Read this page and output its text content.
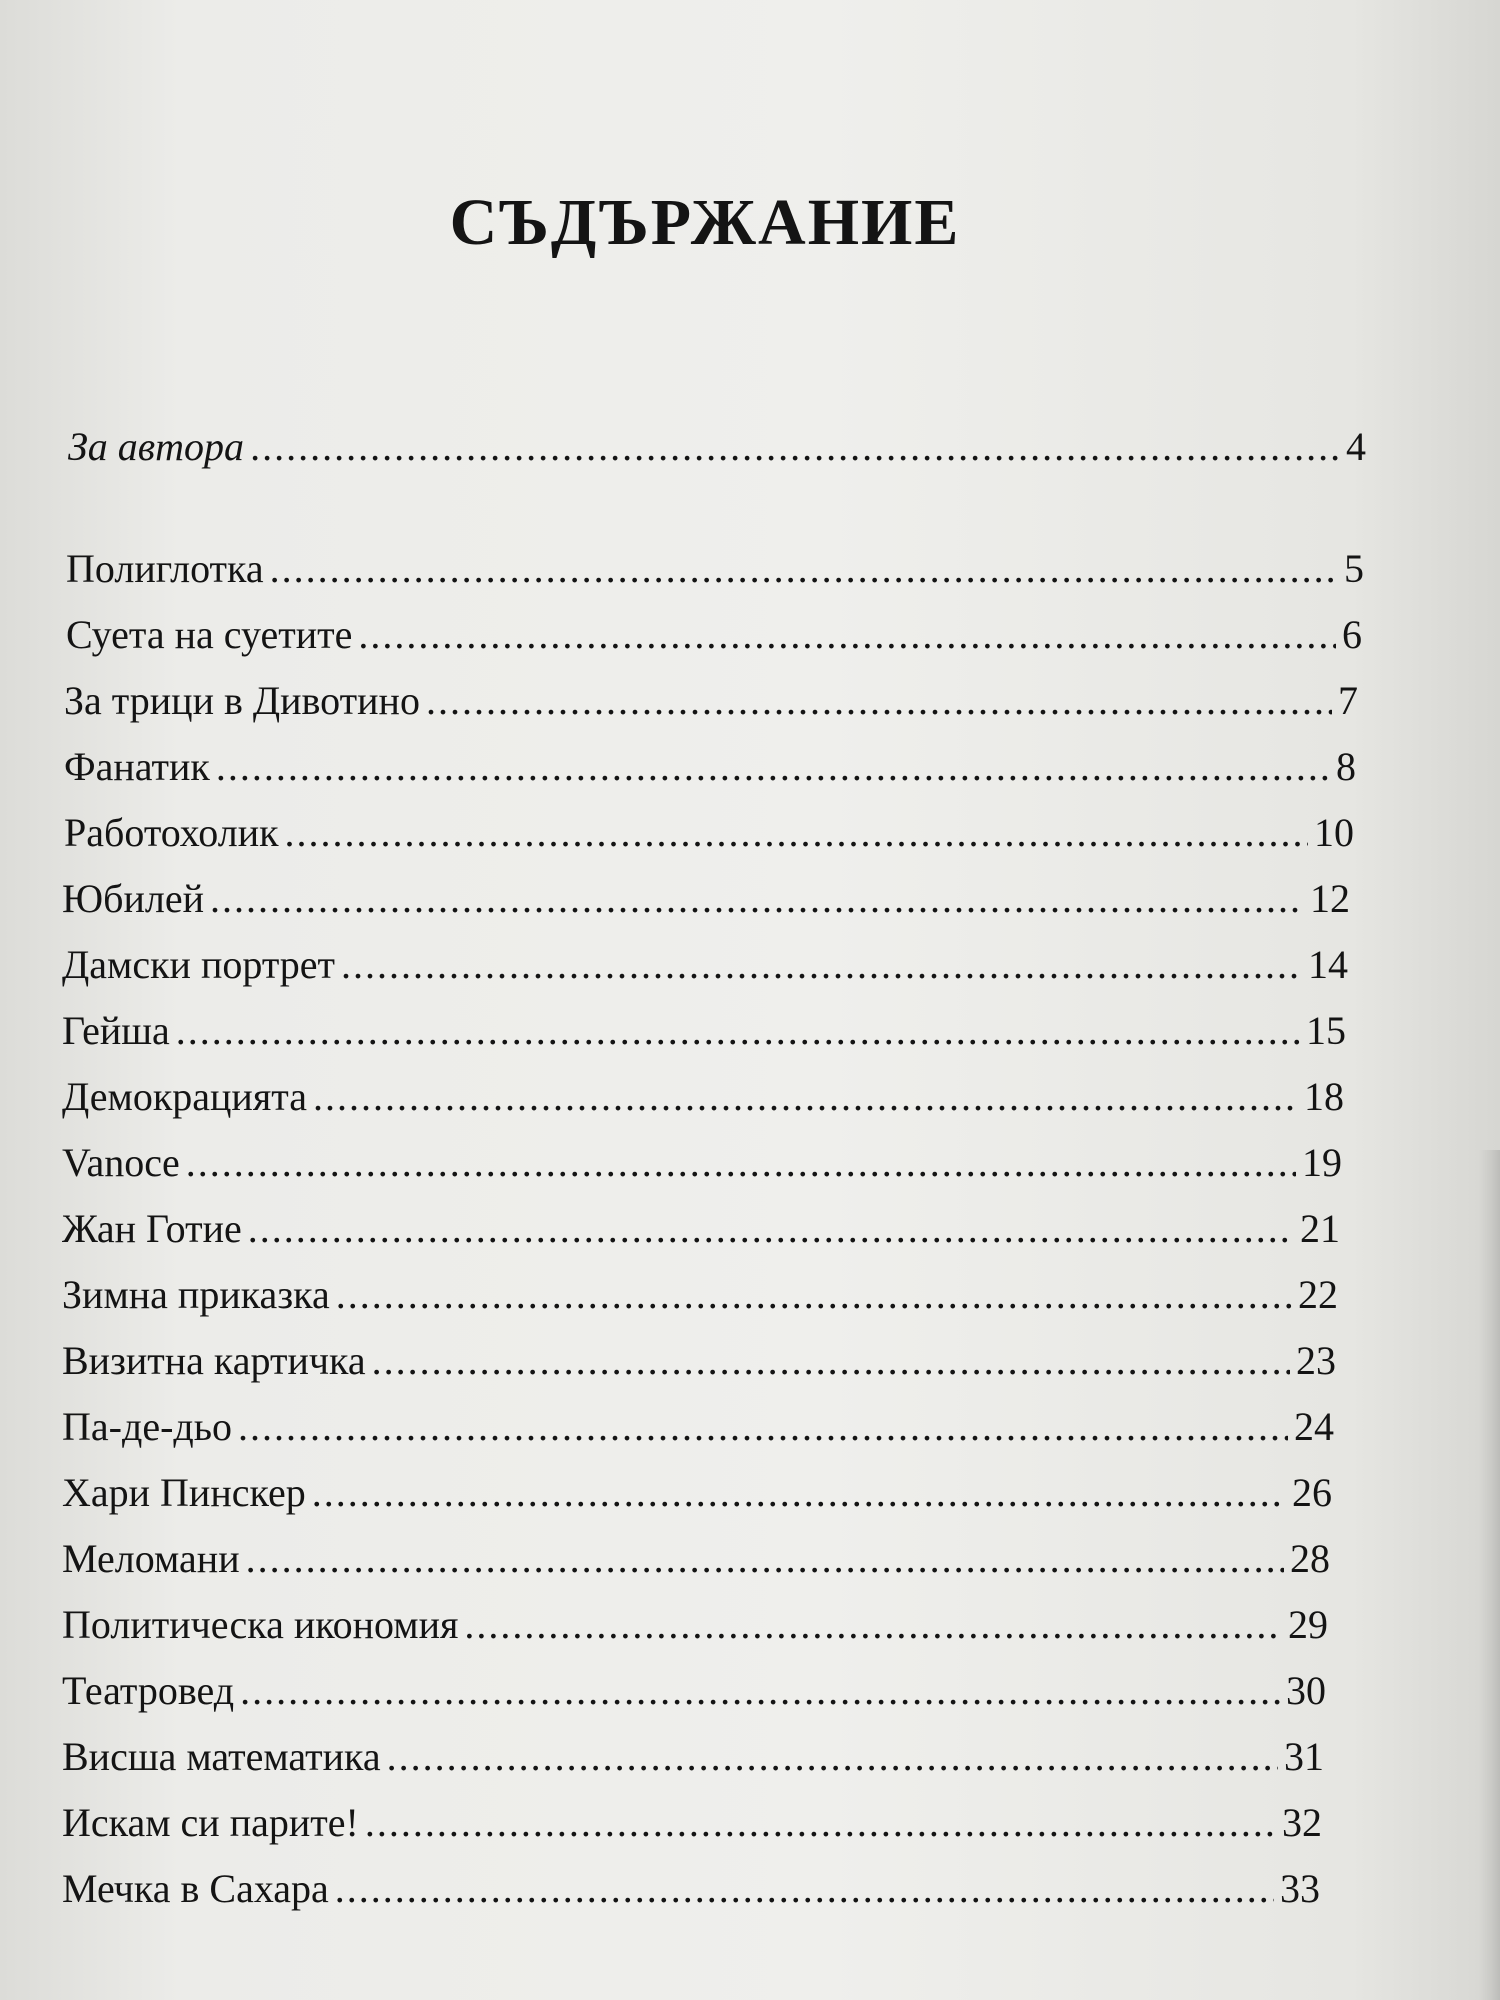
СЪДЪРЖАНИЕ
За автора .....	4
Полиглотка .....	5
Суета на суетите .....	6
За трици в Дивотино .....	7
Фанатик .....	8
Работохолик .....	10
Юбилей .....	12
Дамски портрет .....	14
Гейша .....	15
Демокрацията .....	18
Vanoce .....	19
Жан Готие .....	21
Зимна приказка .....	22
Визитна картичка .....	23
Па-де-дьо .....	24
Хари Пинскер .....	26
Меломани .....	28
Политическа икономия .....	29
Театровед .....	30
Висша математика .....	31
Искам си парите! .....	32
Мечка в Сахара .....	33
